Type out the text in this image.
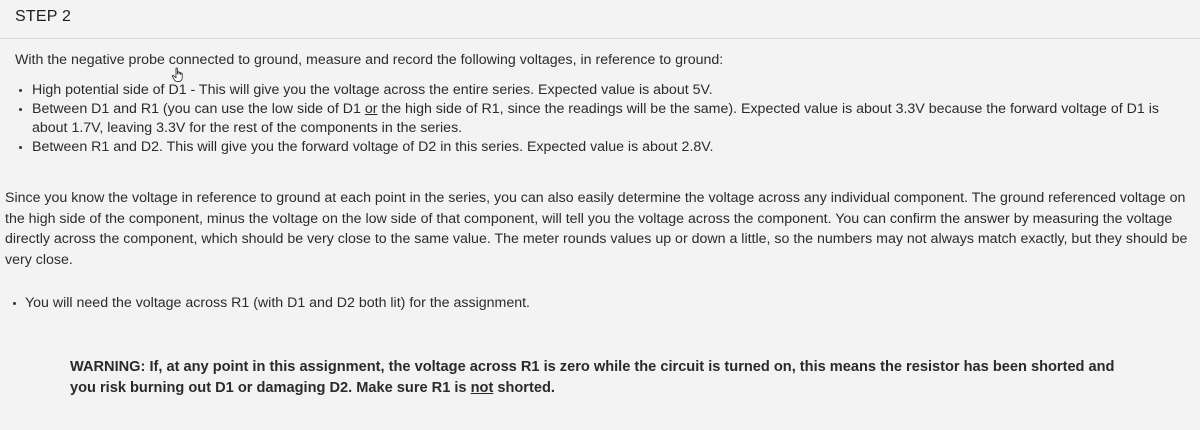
STEP 2
With the negative probe connected to ground, measure and record the following voltages, in reference to ground:
High potential side of D1 - This will give you the voltage across the entire series. Expected value is about 5V.
Between D1 and R1 (you can use the low side of D1 or the high side of R1, since the readings will be the same). Expected value is about 3.3V because the forward voltage of D1 is about 1.7V, leaving 3.3V for the rest of the components in the series.
Between R1 and D2. This will give you the forward voltage of D2 in this series. Expected value is about 2.8V.
Since you know the voltage in reference to ground at each point in the series, you can also easily determine the voltage across any individual component. The ground referenced voltage on the high side of the component, minus the voltage on the low side of that component, will tell you the voltage across the component. You can confirm the answer by measuring the voltage directly across the component, which should be very close to the same value. The meter rounds values up or down a little, so the numbers may not always match exactly, but they should be very close.
You will need the voltage across R1 (with D1 and D2 both lit) for the assignment.
WARNING: If, at any point in this assignment, the voltage across R1 is zero while the circuit is turned on, this means the resistor has been shorted and you risk burning out D1 or damaging D2. Make sure R1 is not shorted.
